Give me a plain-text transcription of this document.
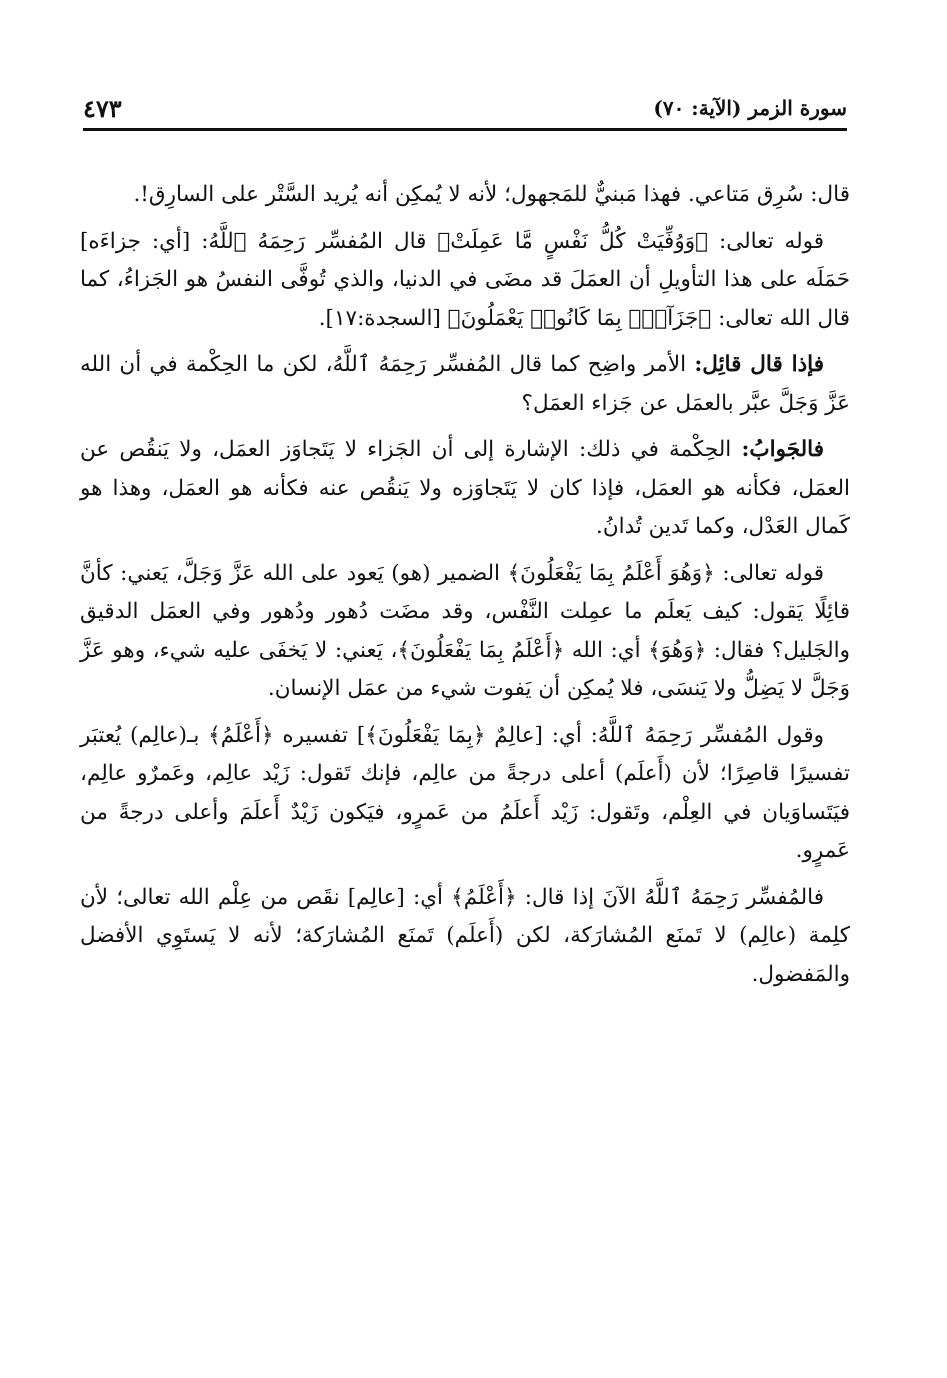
سورة الزمر (الآية: ٧٠)
٤٧٣

قال: سُرِق مَتاعي. فهذا مَبنيٌّ للمَجهول؛ لأنه لا يُمكِن أنه يُريد السَّتْر على السارِق!.

قوله تعالى: ﴿وَوُفِّيَتْ كُلُّ نَفْسٍ مَّا عَمِلَتْ﴾ قال المُفسِّر رَحِمَهُ ٱللَّهُ: [أي: جزاءَه] حَمَلَه على هذا التأويلِ أن العمَلَ قد مضَى في الدنيا، والذي تُوفَّى النفسُ هو الجَزاءُ، كما قال الله تعالى: ﴿جَزَآءًۢ بِمَا كَانُوا۟ يَعْمَلُونَ﴾ [السجدة:١٧].

فإذا قال قائِل: الأمر واضِح كما قال المُفسِّر رَحِمَهُ ٱللَّهُ، لكن ما الحِكْمة في أن الله عَزَّ وَجَلَّ عبَّر بالعمَل عن جَزاء العمَل؟

فالجَوابُ: الحِكْمة في ذلك: الإشارة إلى أن الجَزاء لا يَتَجاوَز العمَل، ولا يَنقُص عن العمَل، فكأنه هو العمَل، فإذا كان لا يَتَجاوَزه ولا يَنقُص عنه فكأنه هو العمَل، وهذا هو كَمال العَدْل، وكما تَدين تُدانُ.

قوله تعالى: ﴿وَهُوَ أَعْلَمُ بِمَا يَفْعَلُونَ﴾ الضمير (هو) يَعود على الله عَزَّ وَجَلَّ، يَعني: كأنَّ قائِلًا يَقول: كيف يَعلَم ما عمِلت النَّفْس، وقد مضَت دُهور ودُهور وفي العمَل الدقيق والجَليل؟ فقال: ﴿وَهُوَ﴾ أي: الله ﴿أَعْلَمُ بِمَا يَفْعَلُونَ﴾، يَعني: لا يَخفَى عليه شيء، وهو عَزَّ وَجَلَّ لا يَضِلُّ ولا يَنسَى، فلا يُمكِن أن يَفوت شيء من عمَل الإنسان.

وقول المُفسِّر رَحِمَهُ ٱللَّهُ: أي: [عالِمٌ ﴿بِمَا يَفْعَلُونَ﴾] تفسيره ﴿أَعْلَمُ﴾ بـ(عالِم) يُعتبَر تفسيرًا قاصِرًا؛ لأن (أَعلَم) أعلى درجةً من عالِم، فإنك تَقول: زَيْد عالِم، وعَمرٌو عالِم، فيَتَساوَيان في العِلْم، وتَقول: زَيْد أَعلَمُ من عَمرٍو، فيَكون زَيْدٌ أَعلَمَ وأعلى درجةً من عَمرٍو.

فالمُفسِّر رَحِمَهُ ٱللَّهُ الآنَ إذا قال: ﴿أَعْلَمُ﴾ أي: [عالِم] نقَص من عِلْم الله تعالى؛ لأن كلِمة (عالِم) لا تَمنَع المُشارَكة، لكن (أَعلَم) تَمنَع المُشارَكة؛ لأنه لا يَستَوِي الأفضل والمَفضول.
